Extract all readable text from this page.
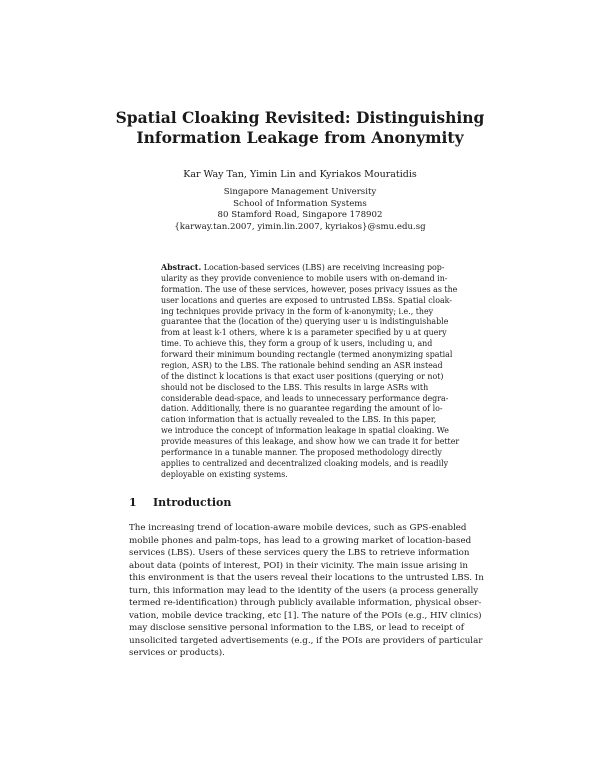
Spatial Cloaking Revisited: Distinguishing
Information Leakage from Anonymity
Kar Way Tan, Yimin Lin and Kyriakos Mouratidis
Singapore Management University
School of Information Systems
80 Stamford Road, Singapore 178902
{karway.tan.2007, yimin.lin.2007, kyriakos}@smu.edu.sg
Abstract. Location-based services (LBS) are receiving increasing pop-
ularity as they provide convenience to mobile users with on-demand in-
formation. The use of these services, however, poses privacy issues as the
user locations and queries are exposed to untrusted LBSs. Spatial cloak-
ing techniques provide privacy in the form of k-anonymity; i.e., they
guarantee that the (location of the) querying user u is indistinguishable
from at least k-1 others, where k is a parameter specified by u at query
time. To achieve this, they form a group of k users, including u, and
forward their minimum bounding rectangle (termed anonymizing spatial
region, ASR) to the LBS. The rationale behind sending an ASR instead
of the distinct k locations is that exact user positions (querying or not)
should not be disclosed to the LBS. This results in large ASRs with
considerable dead-space, and leads to unnecessary performance degra-
dation. Additionally, there is no guarantee regarding the amount of lo-
cation information that is actually revealed to the LBS. In this paper,
we introduce the concept of information leakage in spatial cloaking. We
provide measures of this leakage, and show how we can trade it for better
performance in a tunable manner. The proposed methodology directly
applies to centralized and decentralized cloaking models, and is readily
deployable on existing systems.
1 Introduction
The increasing trend of location-aware mobile devices, such as GPS-enabled
mobile phones and palm-tops, has lead to a growing market of location-based
services (LBS). Users of these services query the LBS to retrieve information
about data (points of interest, POI) in their vicinity. The main issue arising in
this environment is that the users reveal their locations to the untrusted LBS. In
turn, this information may lead to the identity of the users (a process generally
termed re-identification) through publicly available information, physical obser-
vation, mobile device tracking, etc [1]. The nature of the POIs (e.g., HIV clinics)
may disclose sensitive personal information to the LBS, or lead to receipt of
unsolicited targeted advertisements (e.g., if the POIs are providers of particular
services or products).
